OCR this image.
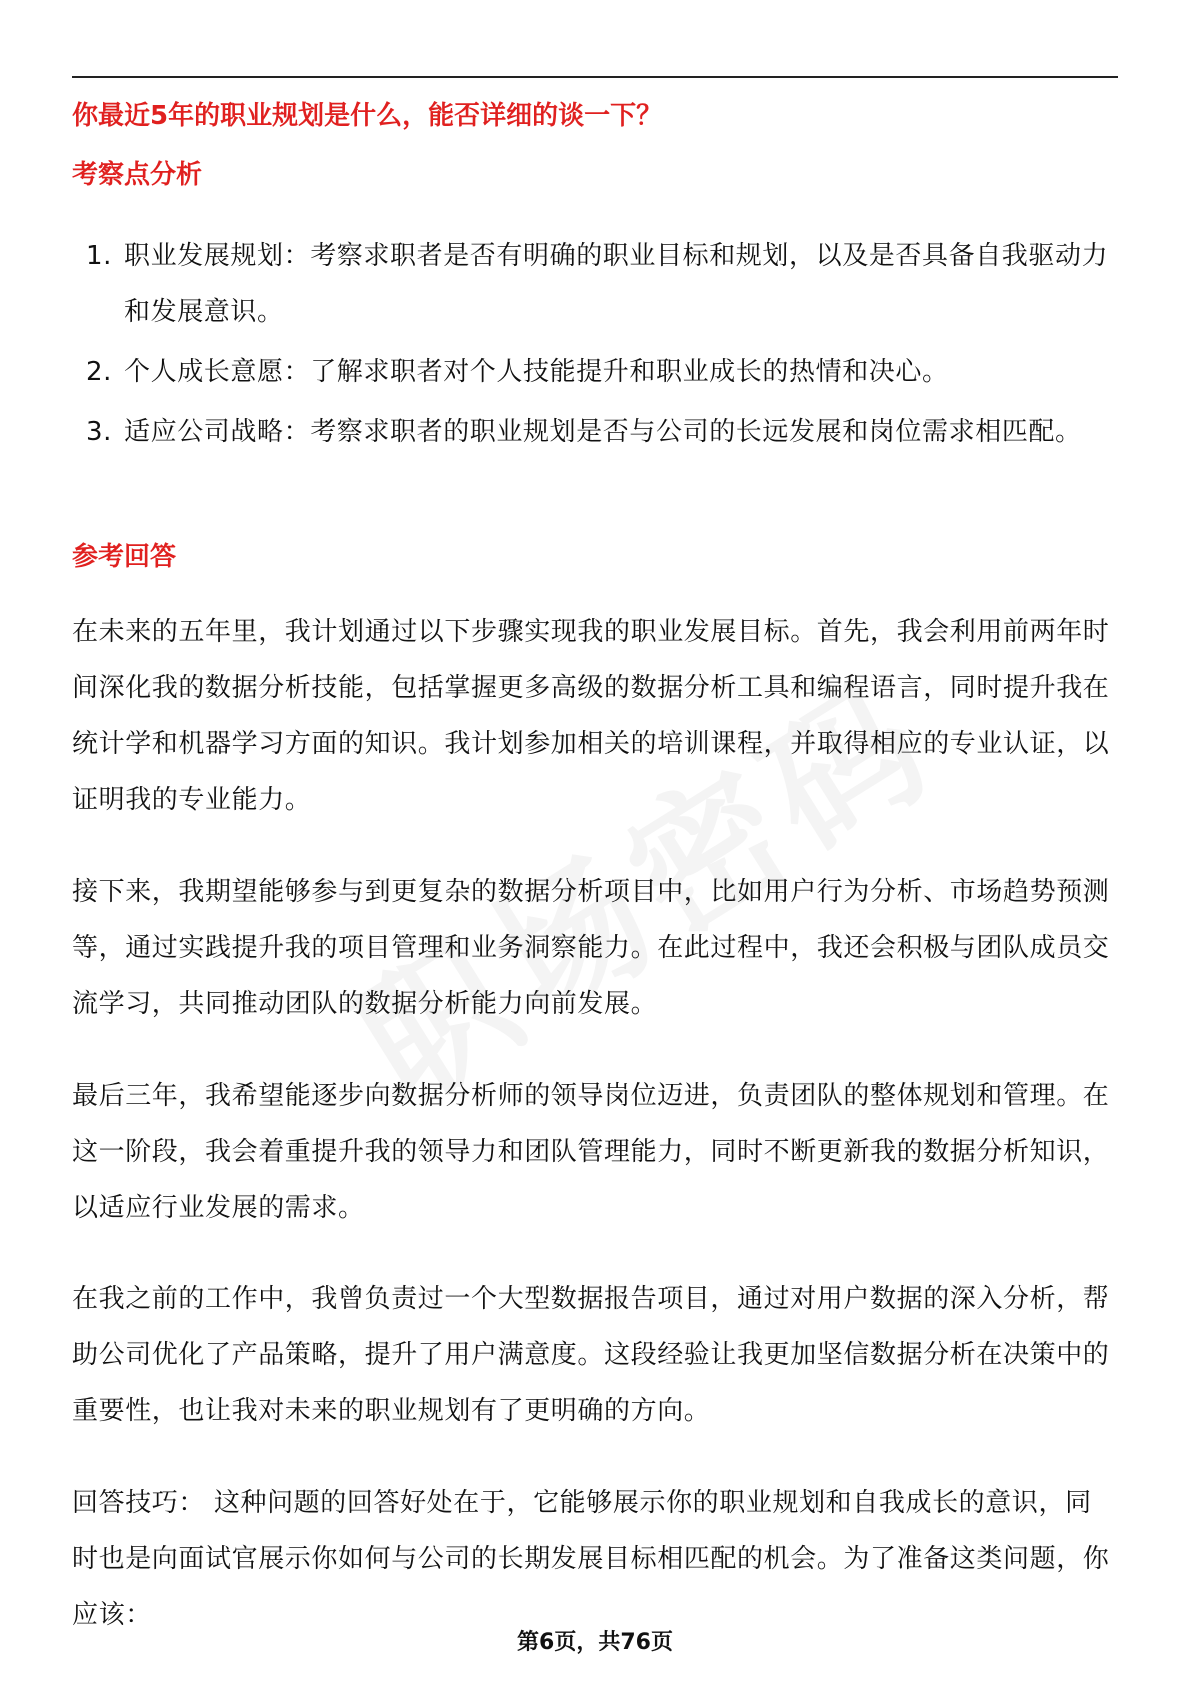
你最近5年的职业规划是什么，能否详细的谈一下？
考察点分析
1. 职业发展规划：考察求职者是否有明确的职业目标和规划，以及是否具备自我驱动力和发展意识。
2. 个人成长意愿：了解求职者对个人技能提升和职业成长的热情和决心。
3. 适应公司战略：考察求职者的职业规划是否与公司的长远发展和岗位需求相匹配。
参考回答

在未来的五年里，我计划通过以下步骤实现我的职业发展目标。首先，我会利用前两年时间深化我的数据分析技能，包括掌握更多高级的数据分析工具和编程语言，同时提升我在统计学和机器学习方面的知识。我计划参加相关的培训课程，并取得相应的专业认证，以证明我的专业能力。

接下来，我期望能够参与到更复杂的数据分析项目中，比如用户行为分析、市场趋势预测等，通过实践提升我的项目管理和业务洞察能力。在此过程中，我还会积极与团队成员交流学习，共同推动团队的数据分析能力向前发展。

最后三年，我希望能逐步向数据分析师的领导岗位迈进，负责团队的整体规划和管理。在这一阶段，我会着重提升我的领导力和团队管理能力，同时不断更新我的数据分析知识，以适应行业发展的需求。

在我之前的工作中，我曾负责过一个大型数据报告项目，通过对用户数据的深入分析，帮助公司优化了产品策略，提升了用户满意度。这段经验让我更加坚信数据分析在决策中的重要性，也让我对未来的职业规划有了更明确的方向。

回答技巧： 这种问题的回答好处在于，它能够展示你的职业规划和自我成长的意识，同时也是向面试官展示你如何与公司的长期发展目标相匹配的机会。为了准备这类问题，你应该：

第6页，共76页
